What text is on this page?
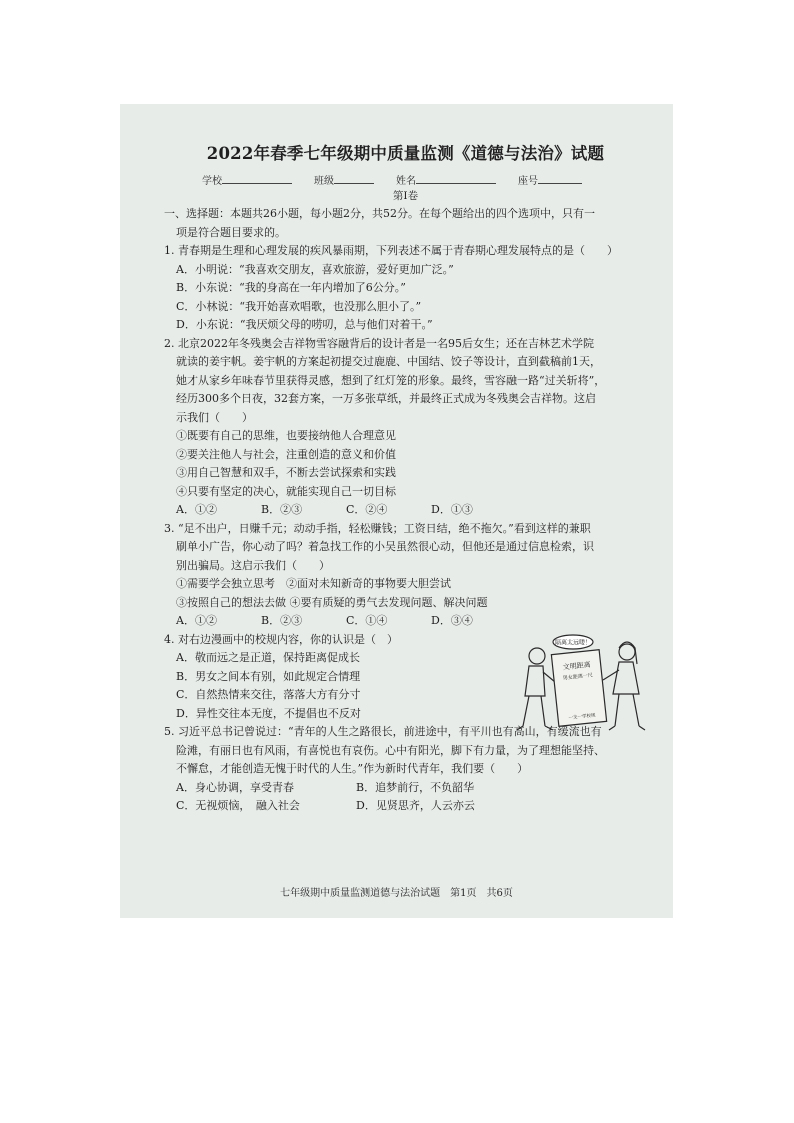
2022年春季七年级期中质量监测《道德与法治》试题
学校	班级	姓名	座号
第I卷

一、选择题：本题共26小题，每小题2分，共52分。在每个题给出的四个选项中，只有一

项是符合题目要求的。

1. 青春期是生理和心理发展的疾风暴雨期，下列表述不属于青春期心理发展特点的是（　　）

A．小明说：“我喜欢交朋友，喜欢旅游，爱好更加广泛。”

B．小东说：“我的身高在一年内增加了6公分。”

C．小林说：“我开始喜欢唱歌，也没那么胆小了。”

D．小东说：“我厌烦父母的唠叨，总与他们对着干。”

2. 北京2022年冬残奥会吉祥物雪容融背后的设计者是一名95后女生；还在吉林艺术学院

就读的姜宇帆。姜宇帆的方案起初提交过鹿鹿、中国结、饺子等设计，直到截稿前1天，

她才从家乡年味春节里获得灵感，想到了红灯笼的形象。最终，雪容融一路“过关斩将”，

经历300多个日夜，32套方案，一万多张草纸，并最终正式成为冬残奥会吉祥物。这启

示我们（　　）

①既要有自己的思维，也要接纳他人合理意见

②要关注他人与社会，注重创造的意义和价值

③用自己智慧和双手，不断去尝试探索和实践

④只要有坚定的决心，就能实现自己一切目标

A．①②	B．②③	C．②④	D．①③

3. “足不出户，日赚千元；动动手指，轻松赚钱；工资日结，绝不拖欠。”看到这样的兼职

刷单小广告，你心动了吗？着急找工作的小吴虽然很心动，但他还是通过信息检索，识

别出骗局。这启示我们（　　）

①需要学会独立思考　②面对未知新奇的事物要大胆尝试

③按照自己的想法去做 ④要有质疑的勇气去发现问题、解决问题

A．①②	B．②③	C．①④	D．③④

4. 对右边漫画中的校规内容，你的认识是（　）

A．敬而远之是正道，保持距离促成长

B．男女之间本有别，如此规定合情理

C．自然热情来交往，落落大方有分寸

D．异性交往本无度，不提倡也不反对

5. 习近平总书记曾说过：“青年的人生之路很长，前进途中，有平川也有高山，有缓流也有

险滩，有丽日也有风雨，有喜悦也有哀伤。心中有阳光，脚下有力量，为了理想能坚持、

不懈怠，才能创造无愧于时代的人生。”作为新时代青年，我们要（　　）

A．身心协调，享受青春	B．追梦前行，不负韶华
C．无视烦恼，　融入社会	D．见贤思齐，人云亦云
隔离太远喽！
文明距离
男女距离一尺
一支一学校规
七年级期中质量监测道德与法治试题　第1页　共6页
